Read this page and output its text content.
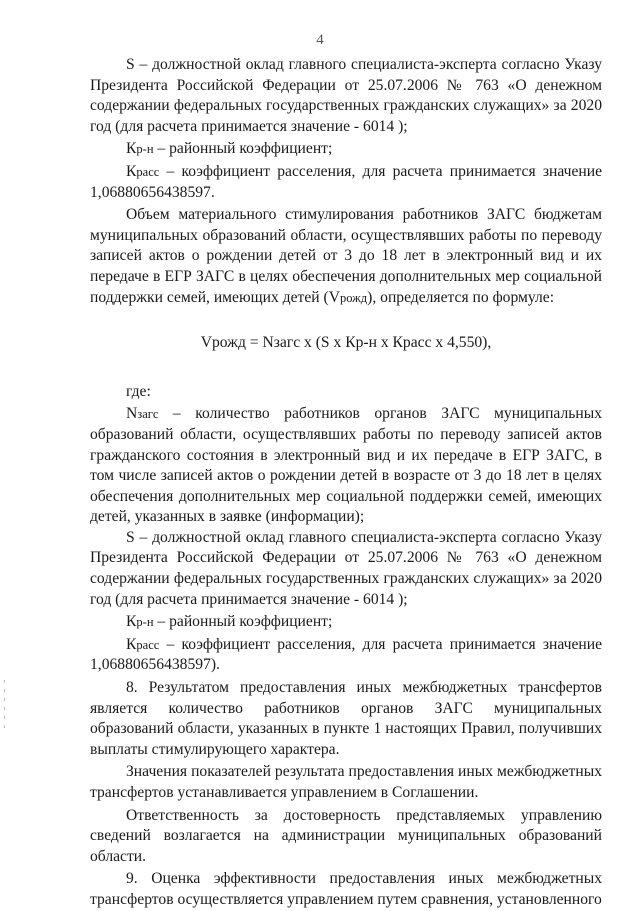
4

S – должностной оклад главного специалиста-эксперта согласно Указу Президента Российской Федерации от 25.07.2006 № 763 «О денежном содержании федеральных государственных гражданских служащих» за 2020 год (для расчета принимается значение - 6014 );

Кр-н – районный коэффициент;

Красс – коэффициент расселения, для расчета принимается значение 1,06880656438597.

Объем материального стимулирования работников ЗАГС бюджетам муниципальных образований области, осуществлявших работы по переводу записей актов о рождении детей от 3 до 18 лет в электронный вид и их передаче в ЕГР ЗАГС в целях обеспечения дополнительных мер социальной поддержки семей, имеющих детей (Vрожд), определяется по формуле:

Vрожд = Nзагс x (S x Кр-н x Красс x 4,550),

где:

Nзагс – количество работников органов ЗАГС муниципальных образований области, осуществлявших работы по переводу записей актов гражданского состояния в электронный вид и их передаче в ЕГР ЗАГС, в том числе записей актов о рождении детей в возрасте от 3 до 18 лет в целях обеспечения дополнительных мер социальной поддержки семей, имеющих детей, указанных в заявке (информации);

S – должностной оклад главного специалиста-эксперта согласно Указу Президента Российской Федерации от 25.07.2006 № 763 «О денежном содержании федеральных государственных гражданских служащих» за 2020 год (для расчета принимается значение - 6014 );

Кр-н – районный коэффициент;

Красс – коэффициент расселения, для расчета принимается значение 1,06880656438597).

8. Результатом предоставления иных межбюджетных трансфертов является количество работников органов ЗАГС муниципальных образований области, указанных в пункте 1 настоящих Правил, получивших выплаты стимулирующего характера.

Значения показателей результата предоставления иных межбюджетных трансфертов устанавливается управлением в Соглашении.

Ответственность за достоверность представляемых управлению сведений возлагается на администрации муниципальных образований области.

9. Оценка эффективности предоставления иных межбюджетных трансфертов осуществляется управлением путем сравнения, установленного
